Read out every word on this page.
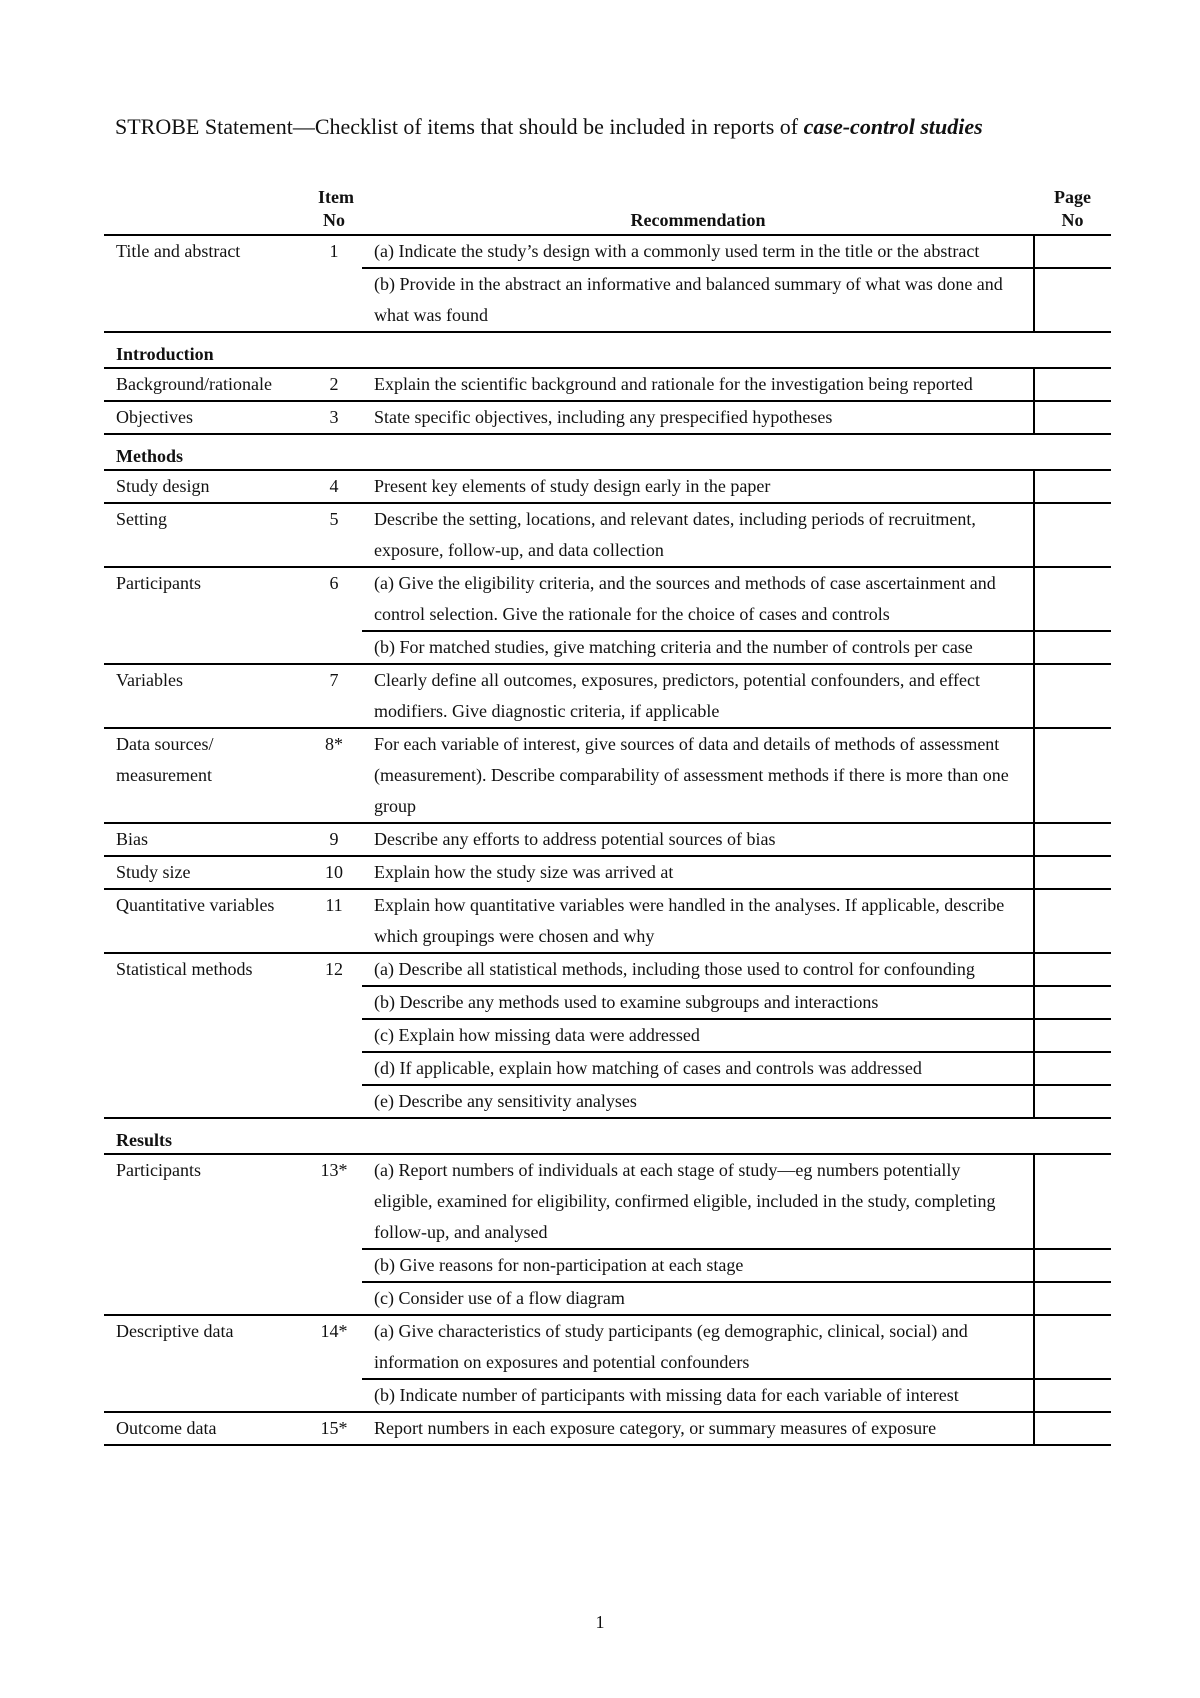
STROBE Statement—Checklist of items that should be included in reports of case-control studies
	Item No	Recommendation	Page No
Title and abstract	1	(a) Indicate the study’s design with a commonly used term in the title or the abstract	
		(b) Provide in the abstract an informative and balanced summary of what was done and what was found	
Introduction			
Background/rationale	2	Explain the scientific background and rationale for the investigation being reported	
Objectives	3	State specific objectives, including any prespecified hypotheses	
Methods			
Study design	4	Present key elements of study design early in the paper	
Setting	5	Describe the setting, locations, and relevant dates, including periods of recruitment, exposure, follow-up, and data collection	
Participants	6	(a) Give the eligibility criteria, and the sources and methods of case ascertainment and control selection. Give the rationale for the choice of cases and controls	
		(b) For matched studies, give matching criteria and the number of controls per case	
Variables	7	Clearly define all outcomes, exposures, predictors, potential confounders, and effect modifiers. Give diagnostic criteria, if applicable	
Data sources/ measurement	8*	For each variable of interest, give sources of data and details of methods of assessment (measurement). Describe comparability of assessment methods if there is more than one group	
Bias	9	Describe any efforts to address potential sources of bias	
Study size	10	Explain how the study size was arrived at	
Quantitative variables	11	Explain how quantitative variables were handled in the analyses. If applicable, describe which groupings were chosen and why	
Statistical methods	12	(a) Describe all statistical methods, including those used to control for confounding	
		(b) Describe any methods used to examine subgroups and interactions	
		(c) Explain how missing data were addressed	
		(d) If applicable, explain how matching of cases and controls was addressed	
		(e) Describe any sensitivity analyses	
Results			
Participants	13*	(a) Report numbers of individuals at each stage of study—eg numbers potentially eligible, examined for eligibility, confirmed eligible, included in the study, completing follow-up, and analysed	
		(b) Give reasons for non-participation at each stage	
		(c) Consider use of a flow diagram	
Descriptive data	14*	(a) Give characteristics of study participants (eg demographic, clinical, social) and information on exposures and potential confounders	
		(b) Indicate number of participants with missing data for each variable of interest	
Outcome data	15*	Report numbers in each exposure category, or summary measures of exposure	
1
